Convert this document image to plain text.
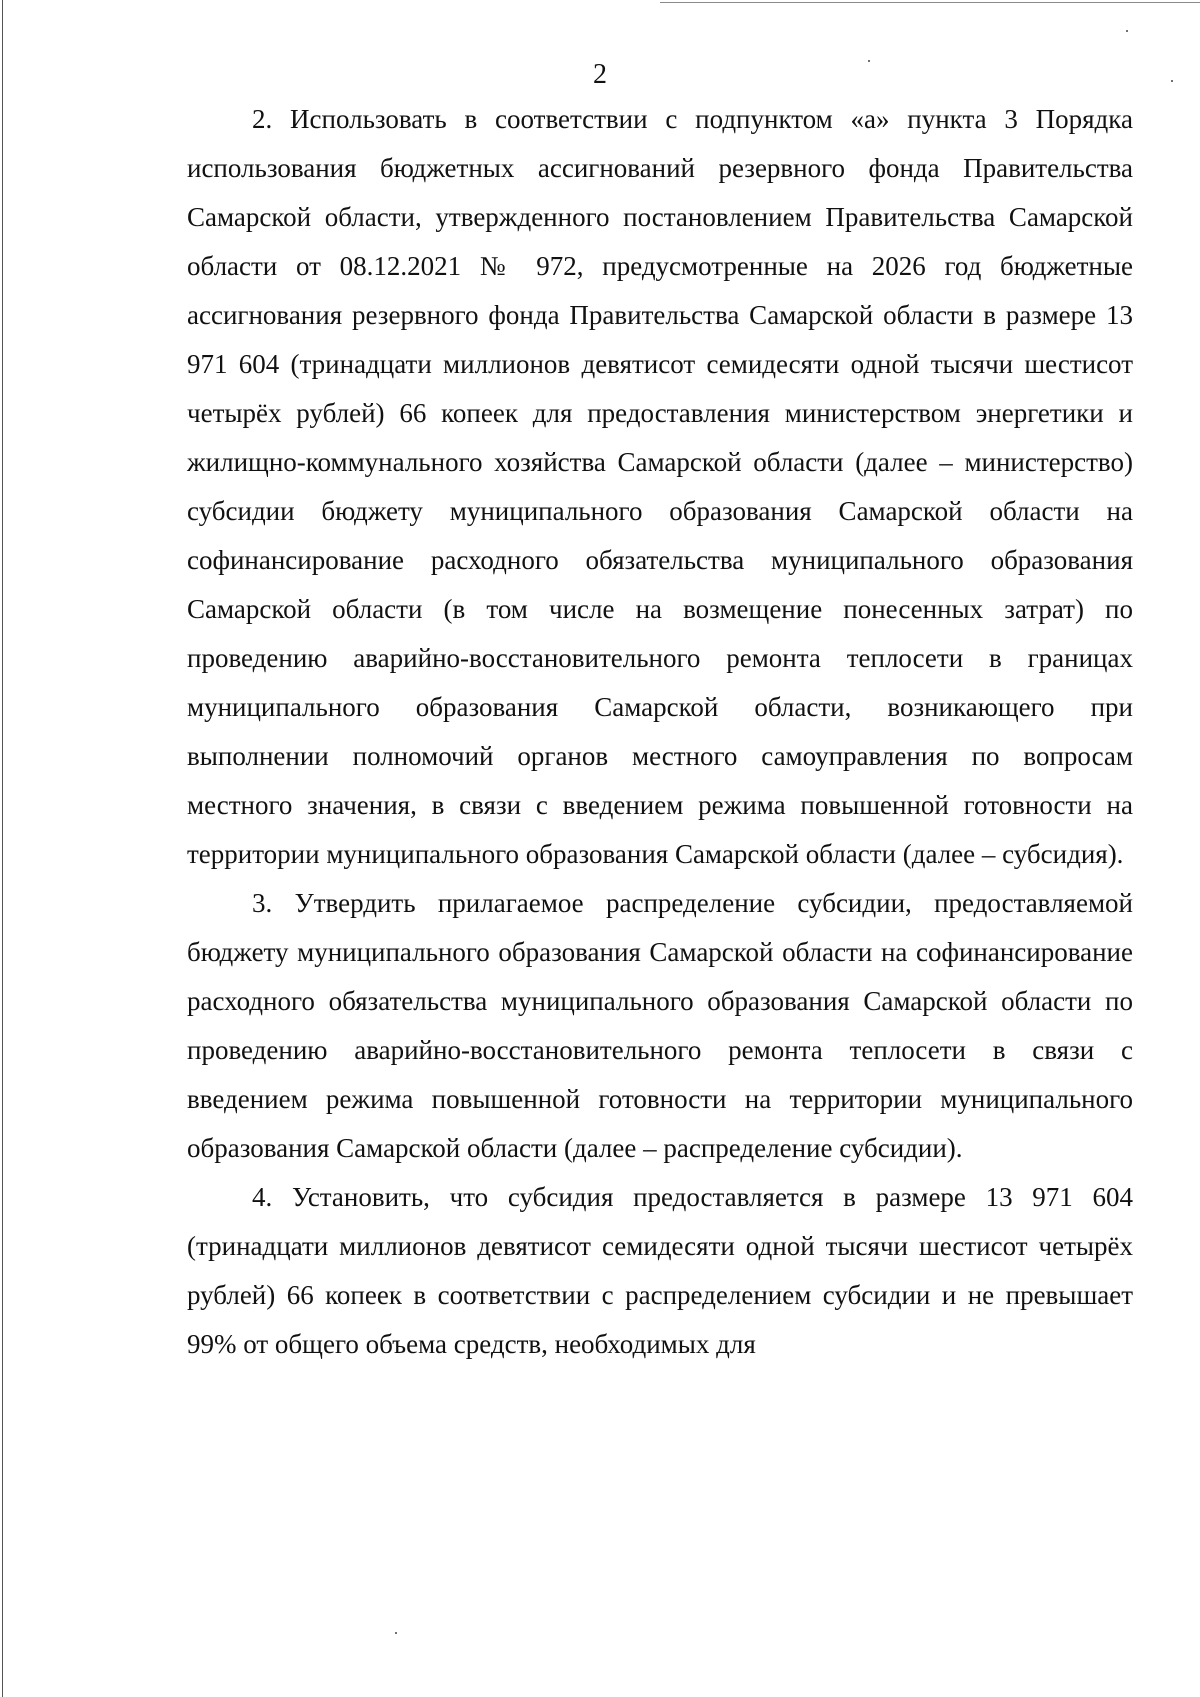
2

2. Использовать в соответствии с подпунктом «а» пункта 3 Порядка использования бюджетных ассигнований резервного фонда Правительства Самарской области, утвержденного постановлением Правительства Самарской области от 08.12.2021 № 972, предусмотренные на 2026 год бюджетные ассигнования резервного фонда Правительства Самарской области в размере 13 971 604 (тринадцати миллионов девятисот семидесяти одной тысячи шестисот четырёх рублей) 66 копеек для предоставления министерством энергетики и жилищно-коммунального хозяйства Самарской области (далее – министерство) субсидии бюджету муниципального образования Самарской области на софинансирование расходного обязательства муниципального образования Самарской области (в том числе на возмещение понесенных затрат) по проведению аварийно-восстановительного ремонта теплосети в границах муниципального образования Самарской области, возникающего при выполнении полномочий органов местного самоуправления по вопросам местного значения, в связи с введением режима повышенной готовности на территории муниципального образования Самарской области (далее – субсидия).

3. Утвердить прилагаемое распределение субсидии, предоставляемой бюджету муниципального образования Самарской области на софинансирование расходного обязательства муниципального образования Самарской области по проведению аварийно-восстановительного ремонта теплосети в связи с введением режима повышенной готовности на территории муниципального образования Самарской области (далее – распределение субсидии).

4. Установить, что субсидия предоставляется в размере 13 971 604 (тринадцати миллионов девятисот семидесяти одной тысячи шестисот четырёх рублей) 66 копеек в соответствии с распределением субсидии и не превышает 99% от общего объема средств, необходимых для
